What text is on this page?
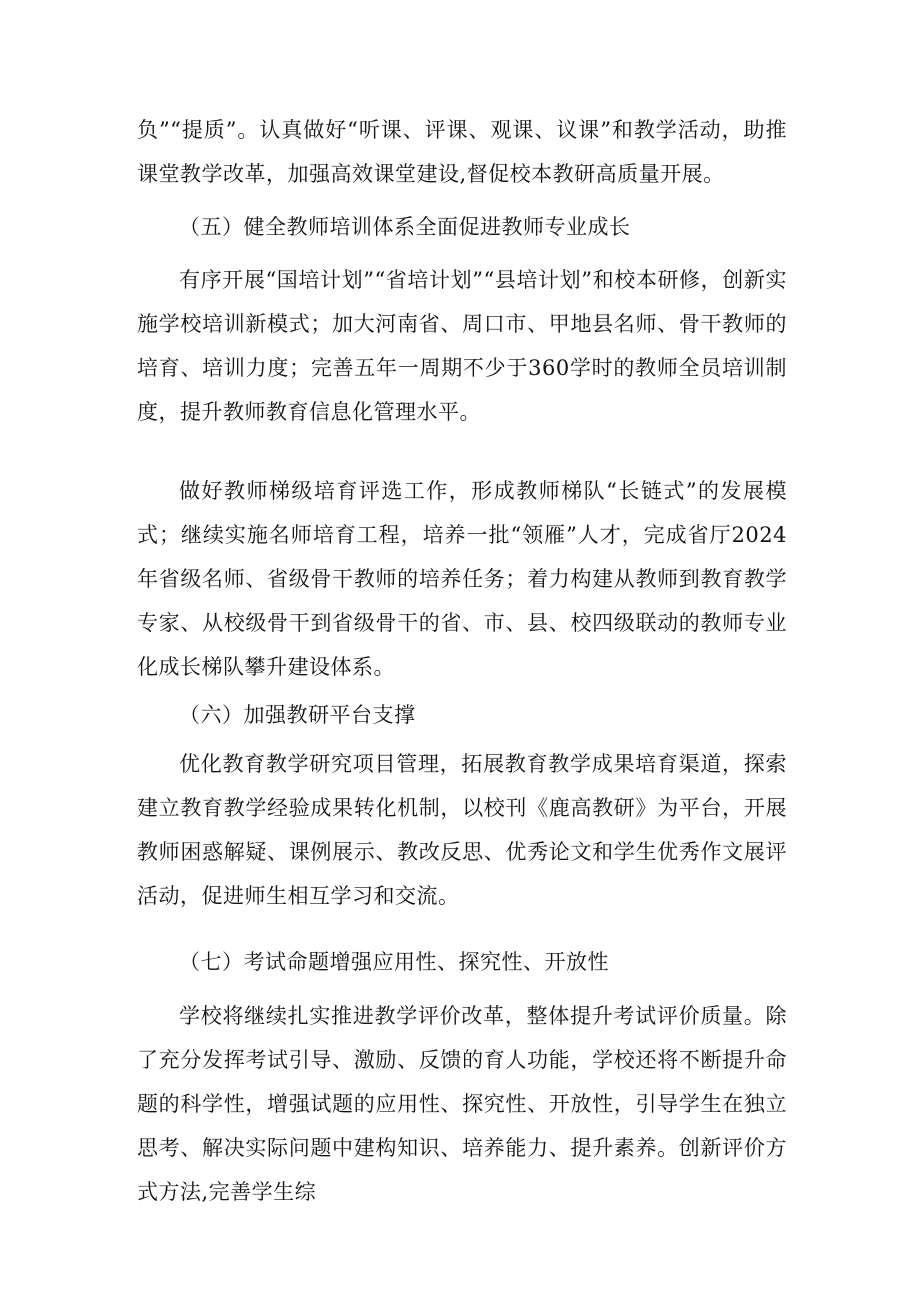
负”“提质”。认真做好“听课、评课、观课、议课”和教学活动，助推课堂教学改革，加强高效课堂建设,督促校本教研高质量开展。

（五）健全教师培训体系全面促进教师专业成长

有序开展“国培计划”“省培计划”“县培计划”和校本研修，创新实施学校培训新模式；加大河南省、周口市、甲地县名师、骨干教师的培育、培训力度；完善五年一周期不少于360学时的教师全员培训制度，提升教师教育信息化管理水平。

做好教师梯级培育评选工作，形成教师梯队“长链式”的发展模式；继续实施名师培育工程，培养一批“领雁”人才，完成省厅2024年省级名师、省级骨干教师的培养任务；着力构建从教师到教育教学专家、从校级骨干到省级骨干的省、市、县、校四级联动的教师专业化成长梯队攀升建设体系。

（六）加强教研平台支撑

优化教育教学研究项目管理，拓展教育教学成果培育渠道，探索建立教育教学经验成果转化机制，以校刊《鹿高教研》为平台，开展教师困惑解疑、课例展示、教改反思、优秀论文和学生优秀作文展评活动，促进师生相互学习和交流。

（七）考试命题增强应用性、探究性、开放性

学校将继续扎实推进教学评价改革，整体提升考试评价质量。除了充分发挥考试引导、激励、反馈的育人功能，学校还将不断提升命题的科学性，增强试题的应用性、探究性、开放性，引导学生在独立思考、解决实际问题中建构知识、培养能力、提升素养。创新评价方式方法,完善学生综
